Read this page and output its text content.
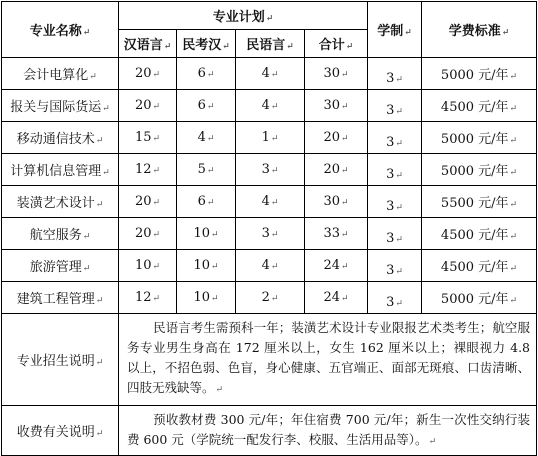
专业名称↵	专业计划↵				学制↵	学费标准↵
	汉语言↵	民考汉↵	民语言↵	合计↵		
会计电算化↵	20↵	6↵	4↵	30↵	3↵	5000 元/年↵
报关与国际货运↵	20↵	6↵	4↵	30↵	3↵	4500 元/年↵
移动通信技术↵	15↵	4↵	1↵	20↵	3↵	5000 元/年↵
计算机信息管理↵	12↵	5↵	3↵	20↵	3↵	5000 元/年↵
装潢艺术设计↵	20↵	6↵	4↵	30↵	3↵	5500 元/年↵
航空服务↵	20↵	10↵	3↵	33↵	3↵	4500 元/年↵
旅游管理↵	10↵	10↵	4↵	24↵	3↵	4500 元/年↵
建筑工程管理↵	12↵	10↵	2↵	24↵	3↵	5000 元/年↵
专业招生说明↵	民语言考生需预科一年；装潢艺术设计专业限报艺术类考生；航空服务专业男生身高在 172 厘米以上，女生 162 厘米以上；裸眼视力 4.8 以上，不招色弱、色盲，身心健康、五官端正、面部无斑痕、口齿清晰、四肢无残缺等。↵					
收费有关说明↵	预收教材费 300 元/年；年住宿费 700 元/年；新生一次性交纳行装费 600 元（学院统一配发行李、校服、生活用品等）。↵					
